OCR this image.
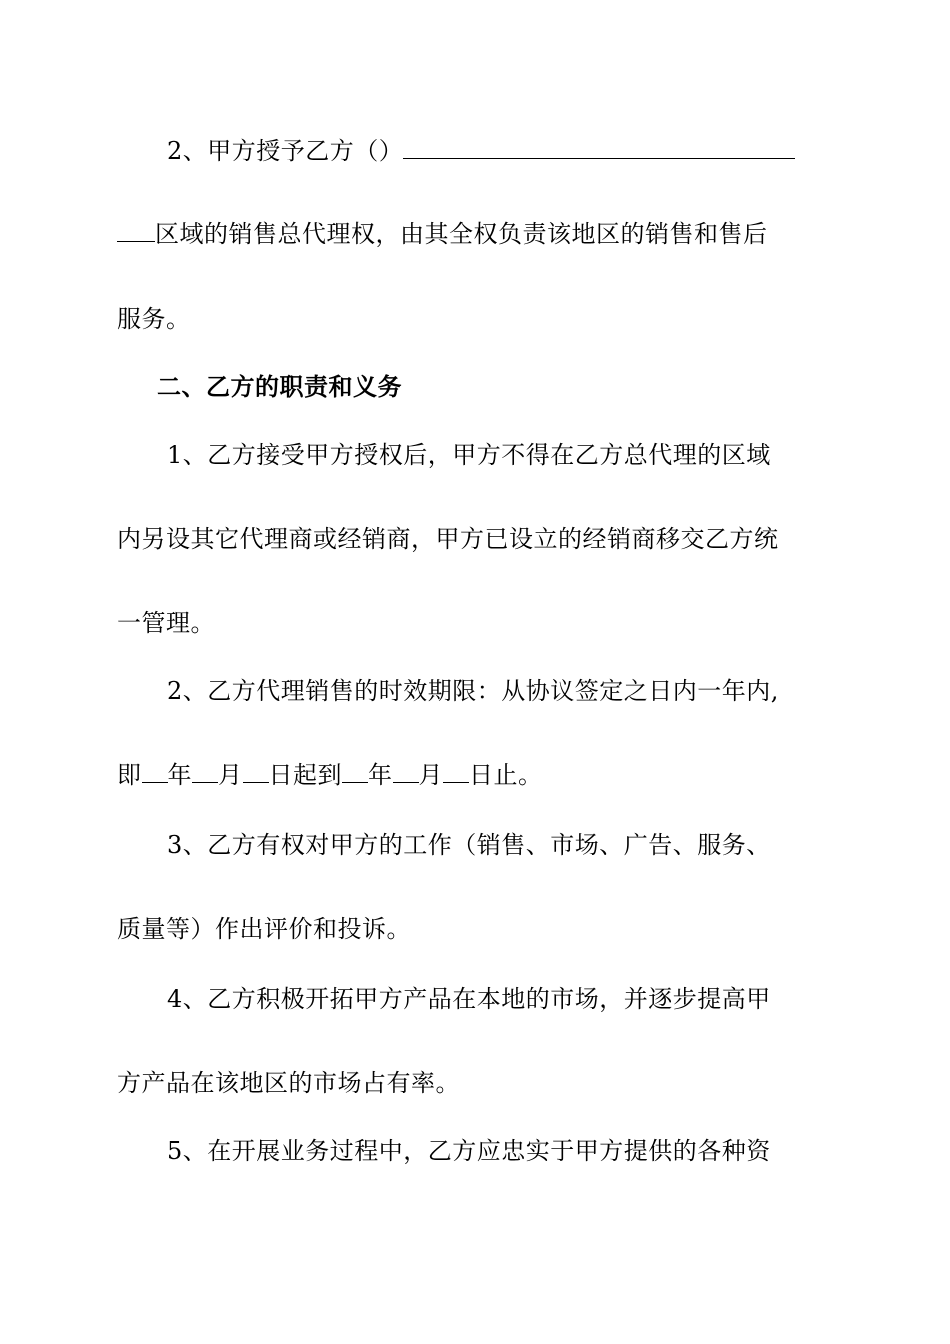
2、甲方授予乙方（）
区域的销售总代理权，由其全权负责该地区的销售和售后
服务。
二、乙方的职责和义务
1、乙方接受甲方授权后，甲方不得在乙方总代理的区域
内另设其它代理商或经销商，甲方已设立的经销商移交乙方统
一管理。
2、乙方代理销售的时效期限：从协议签定之日内一年内,
即 年 月 日起到 年 月 日止。
3、乙方有权对甲方的工作（销售、市场、广告、服务、
质量等）作出评价和投诉。
4、乙方积极开拓甲方产品在本地的市场，并逐步提高甲
方产品在该地区的市场占有率。
5、在开展业务过程中，乙方应忠实于甲方提供的各种资
